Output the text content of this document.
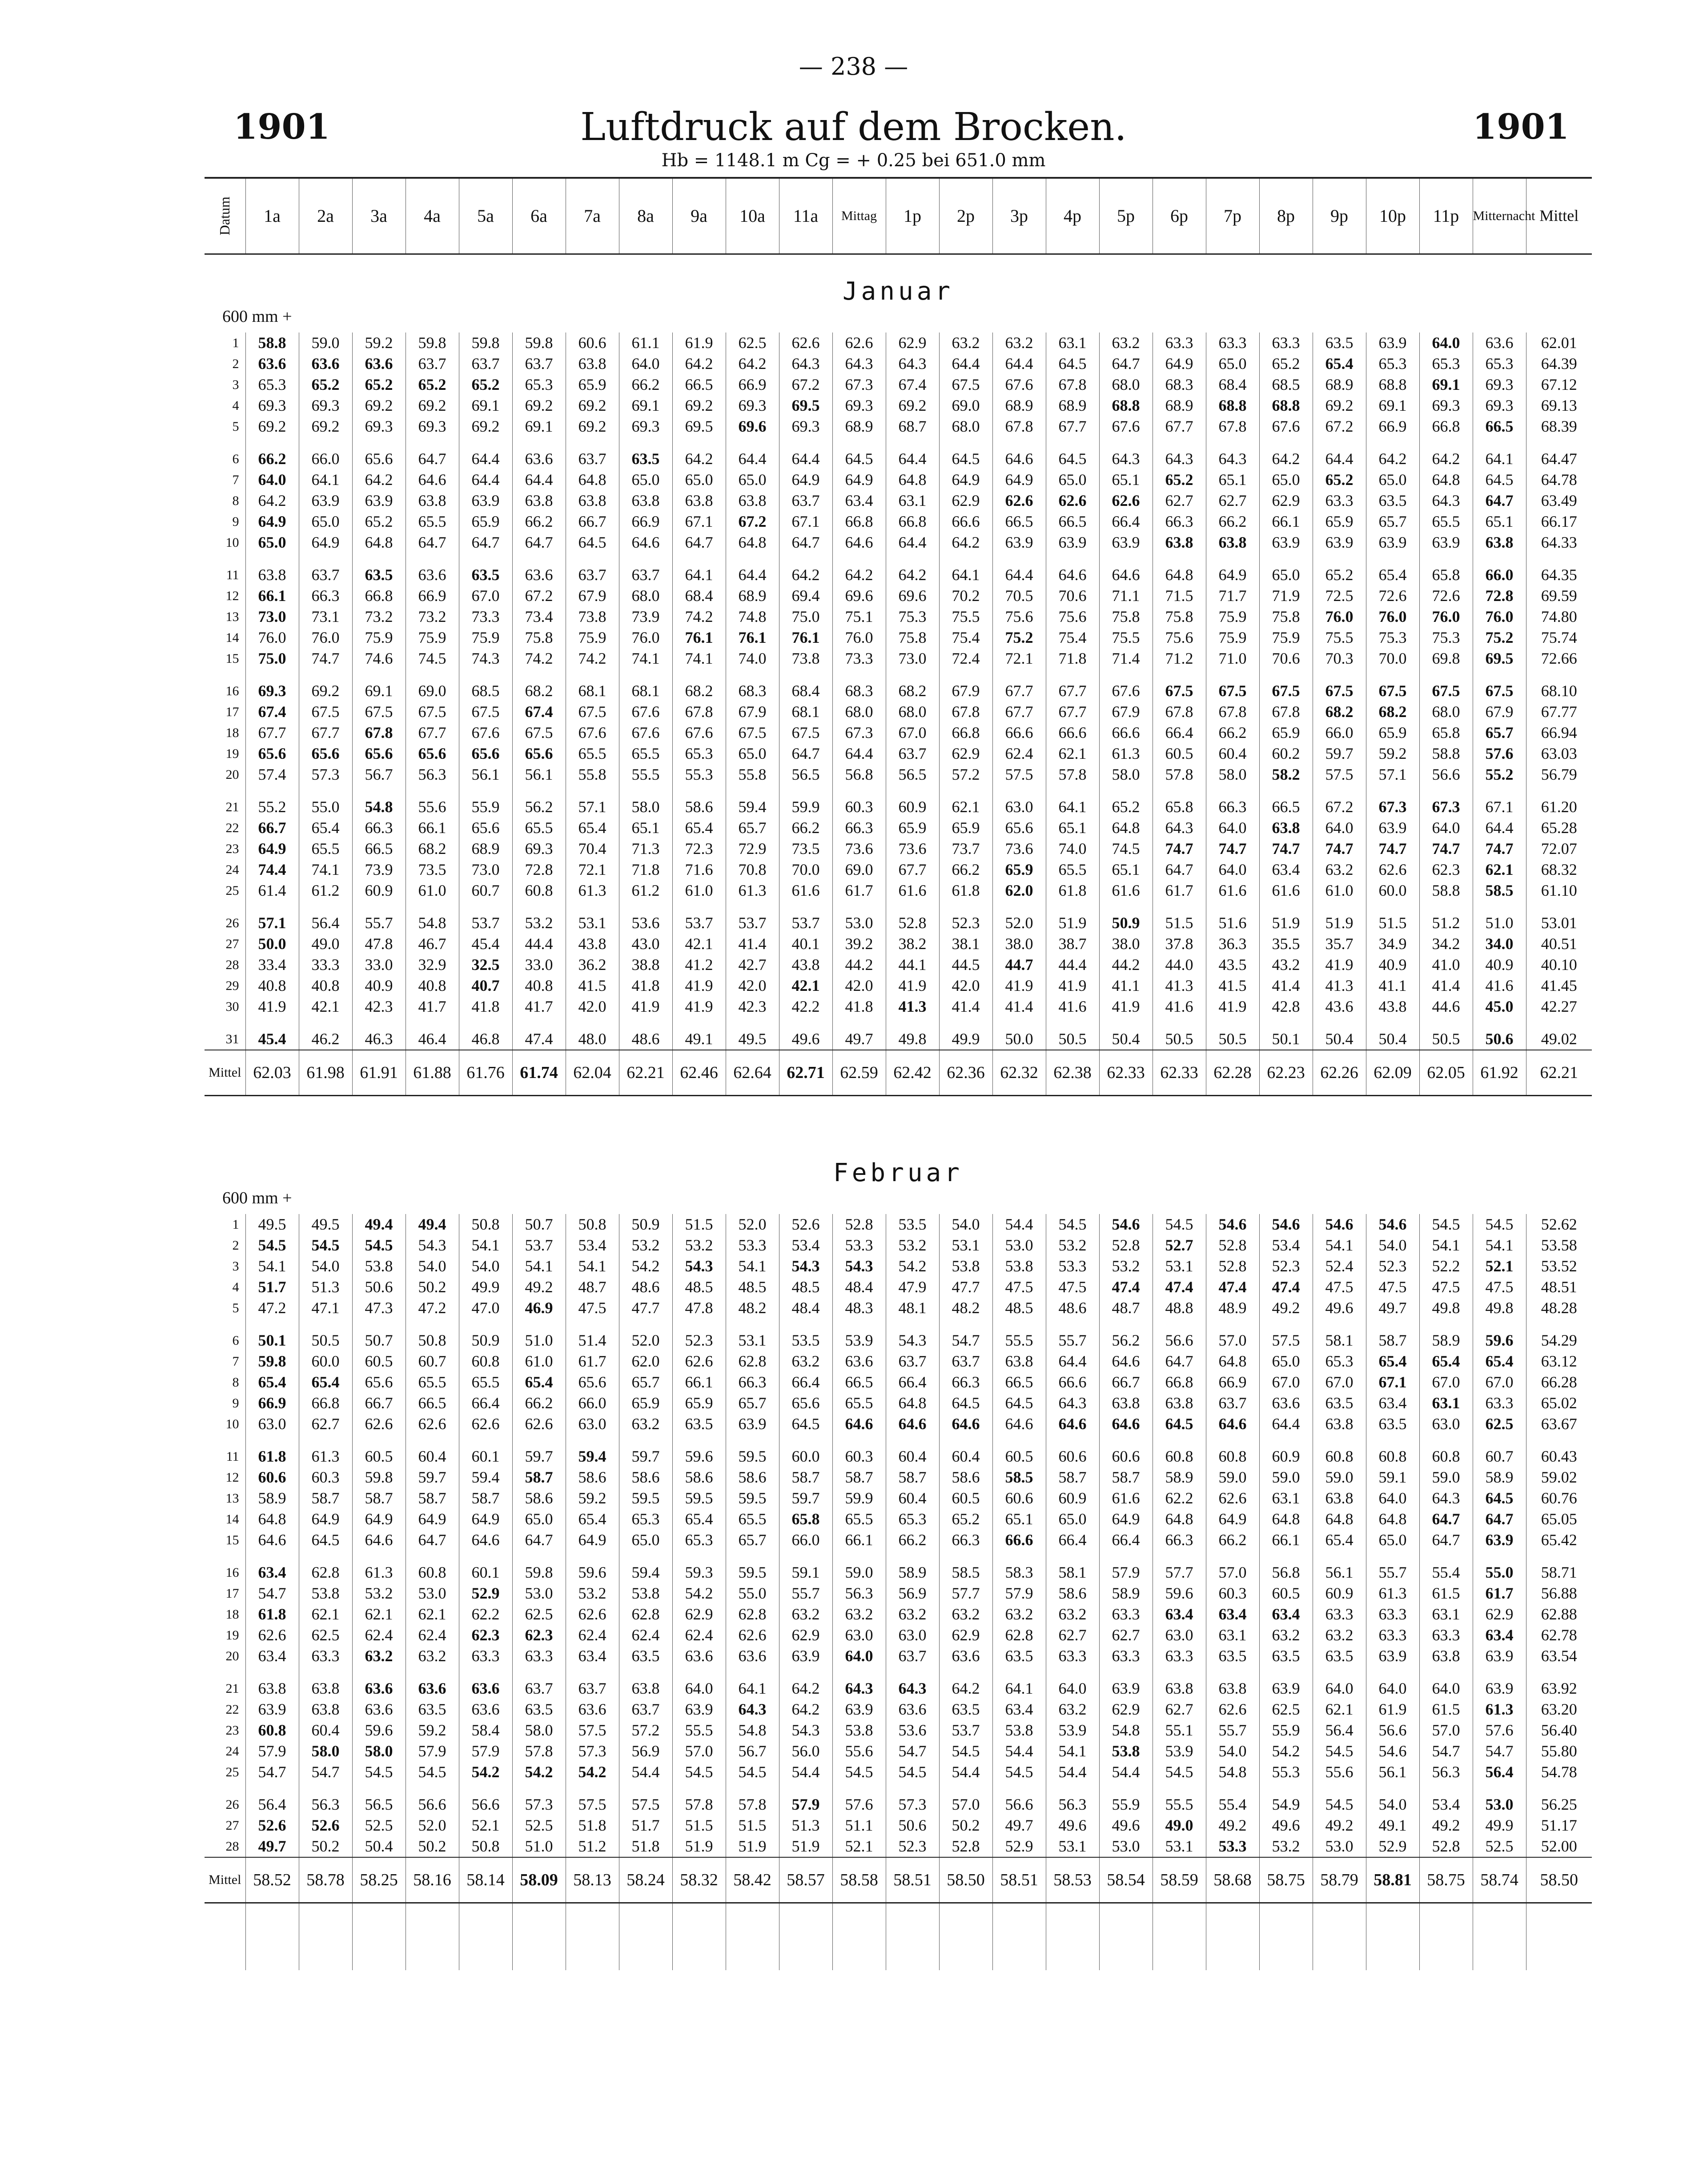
— 238 —
1901	1901
Luftdruck auf dem Brocken.
Hb = 1148.1 m Cg = + 0.25 bei 651.0 mm
Datum	1a	2a	3a	4a	5a	6a	7a	8a	9a	10a	11a	Mittag	1p	2p	3p	4p	5p	6p	7p	8p	9p	10p	11p	Mitternacht	Mittel

600 mm +
Januar																									

1	58.8	59.0	59.2	59.8	59.8	59.8	60.6	61.1	61.9	62.5	62.6	62.6	62.9	63.2	63.2	63.1	63.2	63.3	63.3	63.3	63.5	63.9	64.0	63.6	62.01
2	63.6	63.6	63.6	63.7	63.7	63.7	63.8	64.0	64.2	64.2	64.3	64.3	64.3	64.4	64.4	64.5	64.7	64.9	65.0	65.2	65.4	65.3	65.3	65.3	64.39
3	65.3	65.2	65.2	65.2	65.2	65.3	65.9	66.2	66.5	66.9	67.2	67.3	67.4	67.5	67.6	67.8	68.0	68.3	68.4	68.5	68.9	68.8	69.1	69.3	67.12
4	69.3	69.3	69.2	69.2	69.1	69.2	69.2	69.1	69.2	69.3	69.5	69.3	69.2	69.0	68.9	68.9	68.8	68.9	68.8	68.8	69.2	69.1	69.3	69.3	69.13
5	69.2	69.2	69.3	69.3	69.2	69.1	69.2	69.3	69.5	69.6	69.3	68.9	68.7	68.0	67.8	67.7	67.6	67.7	67.8	67.6	67.2	66.9	66.8	66.5	68.39
6	66.2	66.0	65.6	64.7	64.4	63.6	63.7	63.5	64.2	64.4	64.4	64.5	64.4	64.5	64.6	64.5	64.3	64.3	64.3	64.2	64.4	64.2	64.2	64.1	64.47
7	64.0	64.1	64.2	64.6	64.4	64.4	64.8	65.0	65.0	65.0	64.9	64.9	64.8	64.9	64.9	65.0	65.1	65.2	65.1	65.0	65.2	65.0	64.8	64.5	64.78
8	64.2	63.9	63.9	63.8	63.9	63.8	63.8	63.8	63.8	63.8	63.7	63.4	63.1	62.9	62.6	62.6	62.6	62.7	62.7	62.9	63.3	63.5	64.3	64.7	63.49
9	64.9	65.0	65.2	65.5	65.9	66.2	66.7	66.9	67.1	67.2	67.1	66.8	66.8	66.6	66.5	66.5	66.4	66.3	66.2	66.1	65.9	65.7	65.5	65.1	66.17
10	65.0	64.9	64.8	64.7	64.7	64.7	64.5	64.6	64.7	64.8	64.7	64.6	64.4	64.2	63.9	63.9	63.9	63.8	63.8	63.9	63.9	63.9	63.9	63.8	64.33
11	63.8	63.7	63.5	63.6	63.5	63.6	63.7	63.7	64.1	64.4	64.2	64.2	64.2	64.1	64.4	64.6	64.6	64.8	64.9	65.0	65.2	65.4	65.8	66.0	64.35
12	66.1	66.3	66.8	66.9	67.0	67.2	67.9	68.0	68.4	68.9	69.4	69.6	69.6	70.2	70.5	70.6	71.1	71.5	71.7	71.9	72.5	72.6	72.6	72.8	69.59
13	73.0	73.1	73.2	73.2	73.3	73.4	73.8	73.9	74.2	74.8	75.0	75.1	75.3	75.5	75.6	75.6	75.8	75.8	75.9	75.8	76.0	76.0	76.0	76.0	74.80
14	76.0	76.0	75.9	75.9	75.9	75.8	75.9	76.0	76.1	76.1	76.1	76.0	75.8	75.4	75.2	75.4	75.5	75.6	75.9	75.9	75.5	75.3	75.3	75.2	75.74
15	75.0	74.7	74.6	74.5	74.3	74.2	74.2	74.1	74.1	74.0	73.8	73.3	73.0	72.4	72.1	71.8	71.4	71.2	71.0	70.6	70.3	70.0	69.8	69.5	72.66
16	69.3	69.2	69.1	69.0	68.5	68.2	68.1	68.1	68.2	68.3	68.4	68.3	68.2	67.9	67.7	67.7	67.6	67.5	67.5	67.5	67.5	67.5	67.5	67.5	68.10
17	67.4	67.5	67.5	67.5	67.5	67.4	67.5	67.6	67.8	67.9	68.1	68.0	68.0	67.8	67.7	67.7	67.9	67.8	67.8	67.8	68.2	68.2	68.0	67.9	67.77
18	67.7	67.7	67.8	67.7	67.6	67.5	67.6	67.6	67.6	67.5	67.5	67.3	67.0	66.8	66.6	66.6	66.6	66.4	66.2	65.9	66.0	65.9	65.8	65.7	66.94
19	65.6	65.6	65.6	65.6	65.6	65.6	65.5	65.5	65.3	65.0	64.7	64.4	63.7	62.9	62.4	62.1	61.3	60.5	60.4	60.2	59.7	59.2	58.8	57.6	63.03
20	57.4	57.3	56.7	56.3	56.1	56.1	55.8	55.5	55.3	55.8	56.5	56.8	56.5	57.2	57.5	57.8	58.0	57.8	58.0	58.2	57.5	57.1	56.6	55.2	56.79
21	55.2	55.0	54.8	55.6	55.9	56.2	57.1	58.0	58.6	59.4	59.9	60.3	60.9	62.1	63.0	64.1	65.2	65.8	66.3	66.5	67.2	67.3	67.3	67.1	61.20
22	66.7	65.4	66.3	66.1	65.6	65.5	65.4	65.1	65.4	65.7	66.2	66.3	65.9	65.9	65.6	65.1	64.8	64.3	64.0	63.8	64.0	63.9	64.0	64.4	65.28
23	64.9	65.5	66.5	68.2	68.9	69.3	70.4	71.3	72.3	72.9	73.5	73.6	73.6	73.7	73.6	74.0	74.5	74.7	74.7	74.7	74.7	74.7	74.7	74.7	72.07
24	74.4	74.1	73.9	73.5	73.0	72.8	72.1	71.8	71.6	70.8	70.0	69.0	67.7	66.2	65.9	65.5	65.1	64.7	64.0	63.4	63.2	62.6	62.3	62.1	68.32
25	61.4	61.2	60.9	61.0	60.7	60.8	61.3	61.2	61.0	61.3	61.6	61.7	61.6	61.8	62.0	61.8	61.6	61.7	61.6	61.6	61.0	60.0	58.8	58.5	61.10
26	57.1	56.4	55.7	54.8	53.7	53.2	53.1	53.6	53.7	53.7	53.7	53.0	52.8	52.3	52.0	51.9	50.9	51.5	51.6	51.9	51.9	51.5	51.2	51.0	53.01
27	50.0	49.0	47.8	46.7	45.4	44.4	43.8	43.0	42.1	41.4	40.1	39.2	38.2	38.1	38.0	38.7	38.0	37.8	36.3	35.5	35.7	34.9	34.2	34.0	40.51
28	33.4	33.3	33.0	32.9	32.5	33.0	36.2	38.8	41.2	42.7	43.8	44.2	44.1	44.5	44.7	44.4	44.2	44.0	43.5	43.2	41.9	40.9	41.0	40.9	40.10
29	40.8	40.8	40.9	40.8	40.7	40.8	41.5	41.8	41.9	42.0	42.1	42.0	41.9	42.0	41.9	41.9	41.1	41.3	41.5	41.4	41.3	41.1	41.4	41.6	41.45
30	41.9	42.1	42.3	41.7	41.8	41.7	42.0	41.9	41.9	42.3	42.2	41.8	41.3	41.4	41.4	41.6	41.9	41.6	41.9	42.8	43.6	43.8	44.6	45.0	42.27
31	45.4	46.2	46.3	46.4	46.8	47.4	48.0	48.6	49.1	49.5	49.6	49.7	49.8	49.9	50.0	50.5	50.4	50.5	50.5	50.1	50.4	50.4	50.5	50.6	49.02
Mittel	62.03	61.98	61.91	61.88	61.76	61.74	62.04	62.21	62.46	62.64	62.71	62.59	62.42	62.36	62.32	62.38	62.33	62.33	62.28	62.23	62.26	62.09	62.05	61.92	62.21

600 mm +
Februar																									

1	49.5	49.5	49.4	49.4	50.8	50.7	50.8	50.9	51.5	52.0	52.6	52.8	53.5	54.0	54.4	54.5	54.6	54.5	54.6	54.6	54.6	54.6	54.5	54.5	52.62
2	54.5	54.5	54.5	54.3	54.1	53.7	53.4	53.2	53.2	53.3	53.4	53.3	53.2	53.1	53.0	53.2	52.8	52.7	52.8	53.4	54.1	54.0	54.1	54.1	53.58
3	54.1	54.0	53.8	54.0	54.0	54.1	54.1	54.2	54.3	54.1	54.3	54.3	54.2	53.8	53.8	53.3	53.2	53.1	52.8	52.3	52.4	52.3	52.2	52.1	53.52
4	51.7	51.3	50.6	50.2	49.9	49.2	48.7	48.6	48.5	48.5	48.5	48.4	47.9	47.7	47.5	47.5	47.4	47.4	47.4	47.4	47.5	47.5	47.5	47.5	48.51
5	47.2	47.1	47.3	47.2	47.0	46.9	47.5	47.7	47.8	48.2	48.4	48.3	48.1	48.2	48.5	48.6	48.7	48.8	48.9	49.2	49.6	49.7	49.8	49.8	48.28
6	50.1	50.5	50.7	50.8	50.9	51.0	51.4	52.0	52.3	53.1	53.5	53.9	54.3	54.7	55.5	55.7	56.2	56.6	57.0	57.5	58.1	58.7	58.9	59.6	54.29
7	59.8	60.0	60.5	60.7	60.8	61.0	61.7	62.0	62.6	62.8	63.2	63.6	63.7	63.7	63.8	64.4	64.6	64.7	64.8	65.0	65.3	65.4	65.4	65.4	63.12
8	65.4	65.4	65.6	65.5	65.5	65.4	65.6	65.7	66.1	66.3	66.4	66.5	66.4	66.3	66.5	66.6	66.7	66.8	66.9	67.0	67.0	67.1	67.0	67.0	66.28
9	66.9	66.8	66.7	66.5	66.4	66.2	66.0	65.9	65.9	65.7	65.6	65.5	64.8	64.5	64.5	64.3	63.8	63.8	63.7	63.6	63.5	63.4	63.1	63.3	65.02
10	63.0	62.7	62.6	62.6	62.6	62.6	63.0	63.2	63.5	63.9	64.5	64.6	64.6	64.6	64.6	64.6	64.6	64.5	64.6	64.4	63.8	63.5	63.0	62.5	63.67
11	61.8	61.3	60.5	60.4	60.1	59.7	59.4	59.7	59.6	59.5	60.0	60.3	60.4	60.4	60.5	60.6	60.6	60.8	60.8	60.9	60.8	60.8	60.8	60.7	60.43
12	60.6	60.3	59.8	59.7	59.4	58.7	58.6	58.6	58.6	58.6	58.7	58.7	58.7	58.6	58.5	58.7	58.7	58.9	59.0	59.0	59.0	59.1	59.0	58.9	59.02
13	58.9	58.7	58.7	58.7	58.7	58.6	59.2	59.5	59.5	59.5	59.7	59.9	60.4	60.5	60.6	60.9	61.6	62.2	62.6	63.1	63.8	64.0	64.3	64.5	60.76
14	64.8	64.9	64.9	64.9	64.9	65.0	65.4	65.3	65.4	65.5	65.8	65.5	65.3	65.2	65.1	65.0	64.9	64.8	64.9	64.8	64.8	64.8	64.7	64.7	65.05
15	64.6	64.5	64.6	64.7	64.6	64.7	64.9	65.0	65.3	65.7	66.0	66.1	66.2	66.3	66.6	66.4	66.4	66.3	66.2	66.1	65.4	65.0	64.7	63.9	65.42
16	63.4	62.8	61.3	60.8	60.1	59.8	59.6	59.4	59.3	59.5	59.1	59.0	58.9	58.5	58.3	58.1	57.9	57.7	57.0	56.8	56.1	55.7	55.4	55.0	58.71
17	54.7	53.8	53.2	53.0	52.9	53.0	53.2	53.8	54.2	55.0	55.7	56.3	56.9	57.7	57.9	58.6	58.9	59.6	60.3	60.5	60.9	61.3	61.5	61.7	56.88
18	61.8	62.1	62.1	62.1	62.2	62.5	62.6	62.8	62.9	62.8	63.2	63.2	63.2	63.2	63.2	63.2	63.3	63.4	63.4	63.4	63.3	63.3	63.1	62.9	62.88
19	62.6	62.5	62.4	62.4	62.3	62.3	62.4	62.4	62.4	62.6	62.9	63.0	63.0	62.9	62.8	62.7	62.7	63.0	63.1	63.2	63.2	63.3	63.3	63.4	62.78
20	63.4	63.3	63.2	63.2	63.3	63.3	63.4	63.5	63.6	63.6	63.9	64.0	63.7	63.6	63.5	63.3	63.3	63.3	63.5	63.5	63.5	63.9	63.8	63.9	63.54
21	63.8	63.8	63.6	63.6	63.6	63.7	63.7	63.8	64.0	64.1	64.2	64.3	64.3	64.2	64.1	64.0	63.9	63.8	63.8	63.9	64.0	64.0	64.0	63.9	63.92
22	63.9	63.8	63.6	63.5	63.6	63.5	63.6	63.7	63.9	64.3	64.2	63.9	63.6	63.5	63.4	63.2	62.9	62.7	62.6	62.5	62.1	61.9	61.5	61.3	63.20
23	60.8	60.4	59.6	59.2	58.4	58.0	57.5	57.2	55.5	54.8	54.3	53.8	53.6	53.7	53.8	53.9	54.8	55.1	55.7	55.9	56.4	56.6	57.0	57.6	56.40
24	57.9	58.0	58.0	57.9	57.9	57.8	57.3	56.9	57.0	56.7	56.0	55.6	54.7	54.5	54.4	54.1	53.8	53.9	54.0	54.2	54.5	54.6	54.7	54.7	55.80
25	54.7	54.7	54.5	54.5	54.2	54.2	54.2	54.4	54.5	54.5	54.4	54.5	54.5	54.4	54.5	54.4	54.4	54.5	54.8	55.3	55.6	56.1	56.3	56.4	54.78
26	56.4	56.3	56.5	56.6	56.6	57.3	57.5	57.5	57.8	57.8	57.9	57.6	57.3	57.0	56.6	56.3	55.9	55.5	55.4	54.9	54.5	54.0	53.4	53.0	56.25
27	52.6	52.6	52.5	52.0	52.1	52.5	51.8	51.7	51.5	51.5	51.3	51.1	50.6	50.2	49.7	49.6	49.6	49.0	49.2	49.6	49.2	49.1	49.2	49.9	51.17
28	49.7	50.2	50.4	50.2	50.8	51.0	51.2	51.8	51.9	51.9	51.9	52.1	52.3	52.8	52.9	53.1	53.0	53.1	53.3	53.2	53.0	52.9	52.8	52.5	52.00
Mittel	58.52	58.78	58.25	58.16	58.14	58.09	58.13	58.24	58.32	58.42	58.57	58.58	58.51	58.50	58.51	58.53	58.54	58.59	58.68	58.75	58.79	58.81	58.75	58.74	58.50
